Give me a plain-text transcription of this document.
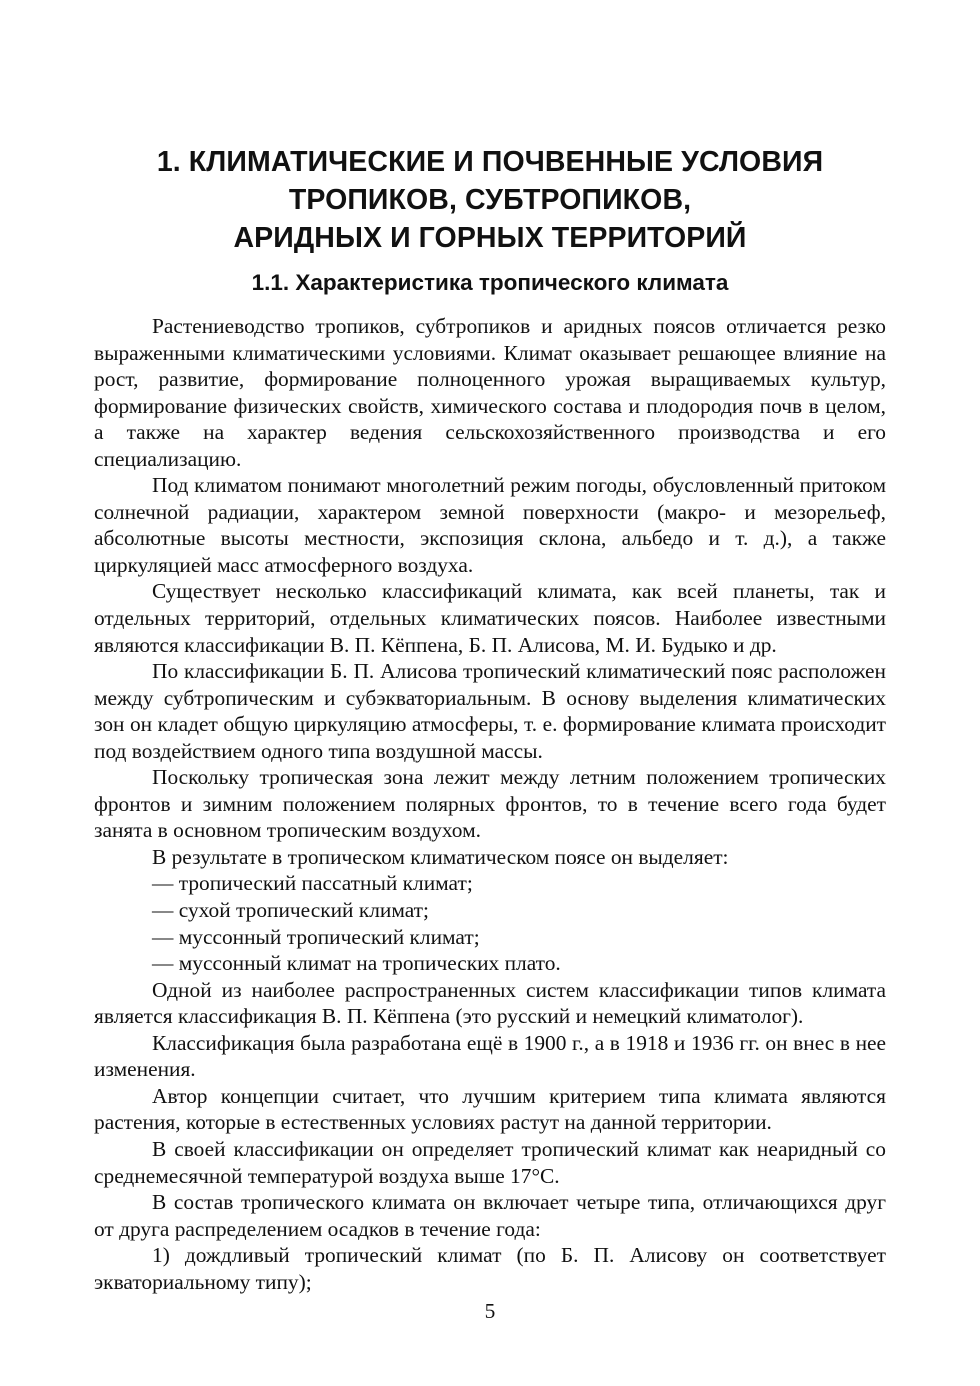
1. КЛИМАТИЧЕСКИЕ И ПОЧВЕННЫЕ УСЛОВИЯ
ТРОПИКОВ, СУБТРОПИКОВ,
АРИДНЫХ И ГОРНЫХ ТЕРРИТОРИЙ
1.1. Характеристика тропического климата

Растениеводство тропиков, субтропиков и аридных поясов отличается резко выраженными климатическими условиями. Климат оказывает решающее влияние на рост, развитие, формирование полноценного урожая выращиваемых культур, формирование физических свойств, химического состава и плодородия почв в целом, а также на характер ведения сельскохозяйственного производства и его специализацию.

Под климатом понимают многолетний режим погоды, обусловленный притоком солнечной радиации, характером земной поверхности (макро- и мезорельеф, абсолютные высоты местности, экспозиция склона, альбедо и т. д.), а также циркуляцией масс атмосферного воздуха.

Существует несколько классификаций климата, как всей планеты, так и отдельных территорий, отдельных климатических поясов. Наиболее известными являются классификации В. П. Кёппена, Б. П. Алисова, М. И. Будыко и др.

По классификации Б. П. Алисова тропический климатический пояс расположен между субтропическим и субэкваториальным. В основу выделения климатических зон он кладет общую циркуляцию атмосферы, т. е. формирование климата происходит под воздействием одного типа воздушной массы.

Поскольку тропическая зона лежит между летним положением тропических фронтов и зимним положением полярных фронтов, то в течение всего года будет занята в основном тропическим воздухом.

В результате в тропическом климатическом поясе он выделяет:

— тропический пассатный климат;

— сухой тропический климат;

— муссонный тропический климат;

— муссонный климат на тропических плато.

Одной из наиболее распространенных систем классификации типов климата является классификация В. П. Кёппена (это русский и немецкий климатолог).

Классификация была разработана ещё в 1900 г., а в 1918 и 1936 гг. он внес в нее изменения.

Автор концепции считает, что лучшим критерием типа климата являются растения, которые в естественных условиях растут на данной территории.

В своей классификации он определяет тропический климат как неаридный со среднемесячной температурой воздуха выше 17°С.

В состав тропического климата он включает четыре типа, отличающихся друг от друга распределением осадков в течение года:

1) дождливый тропический климат (по Б. П. Алисову он соответствует экваториальному типу);

5
